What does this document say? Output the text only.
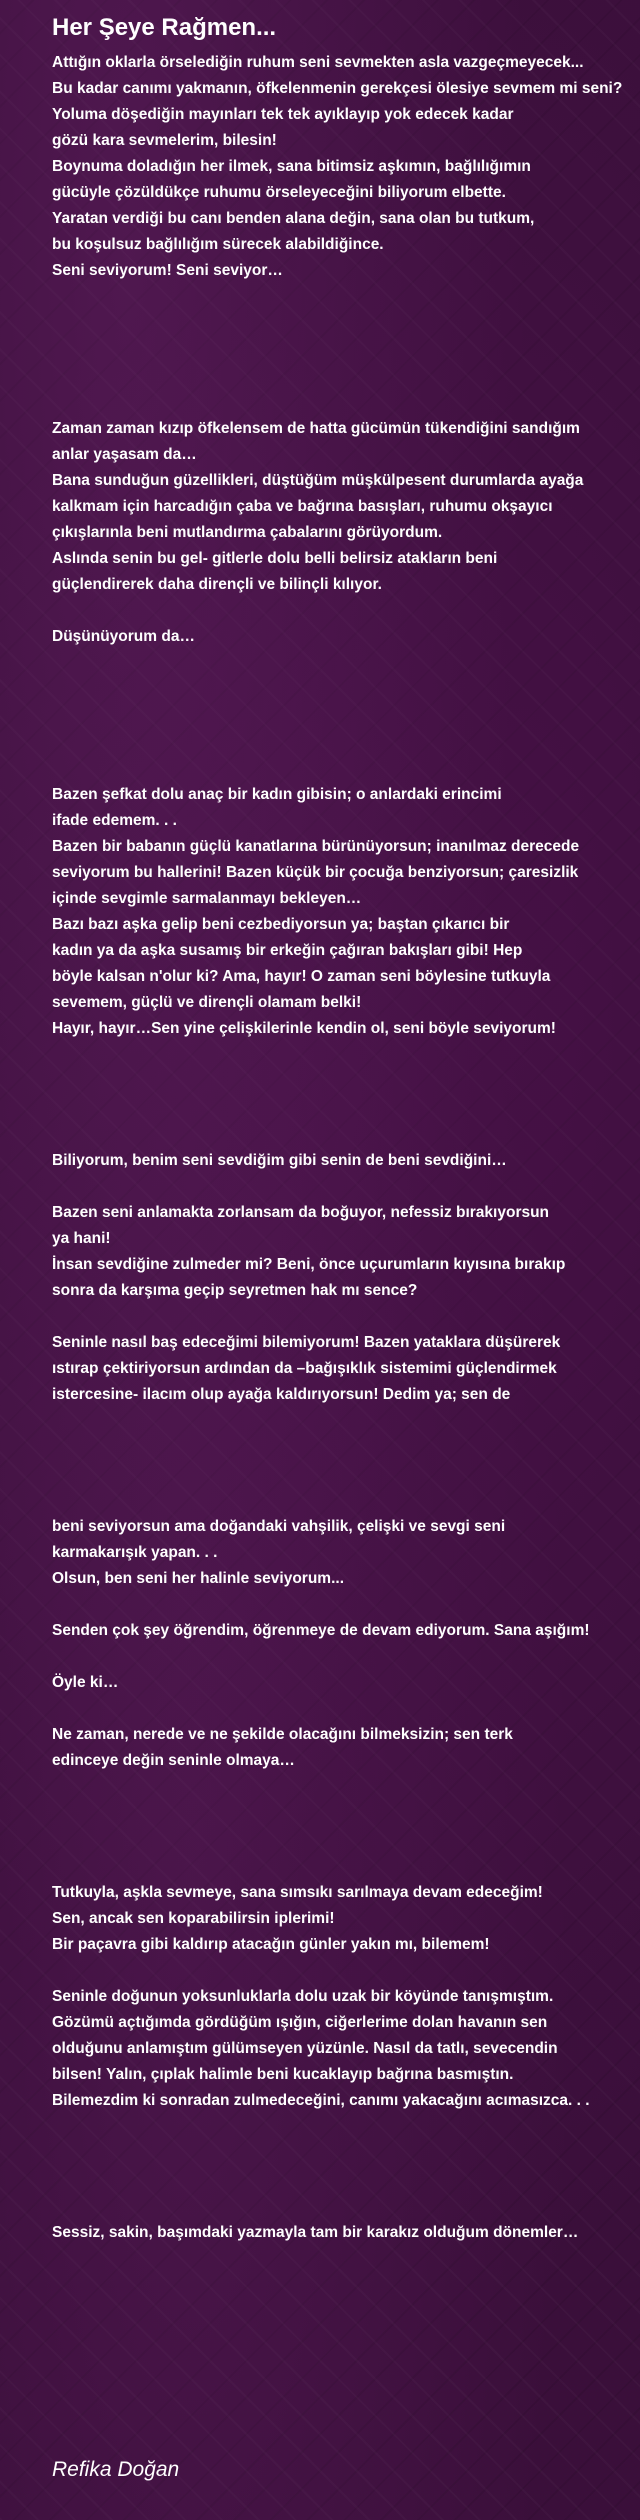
Her Şeye Rağmen...
Attığın oklarla örselediğin ruhum seni sevmekten asla vazgeçmeyecek...
Bu kadar canımı yakmanın, öfkelenmenin gerekçesi ölesiye sevmem mi seni?
Yoluma döşediğin mayınları tek tek ayıklayıp yok edecek kadar
gözü kara sevmelerim, bilesin!
Boynuma doladığın her ilmek, sana bitimsiz aşkımın, bağlılığımın
gücüyle çözüldükçe ruhumu örseleyeceğini biliyorum elbette.
Yaratan verdiği bu canı benden alana değin, sana olan bu tutkum,
bu koşulsuz bağlılığım sürecek alabildiğince.
Seni seviyorum! Seni seviyor…
Zaman zaman kızıp öfkelensem de hatta gücümün tükendiğini sandığım
anlar yaşasam da…
Bana sunduğun güzellikleri, düştüğüm müşkülpesent durumlarda ayağa
kalkmam için harcadığın çaba ve bağrına basışları, ruhumu okşayıcı
çıkışlarınla beni mutlandırma çabalarını görüyordum.
Aslında senin bu gel- gitlerle dolu belli belirsiz atakların beni
güçlendirerek daha dirençli ve bilinçli kılıyor.
Düşünüyorum da…
Bazen şefkat dolu anaç bir kadın gibisin; o anlardaki erincimi
ifade edemem. . .
Bazen bir babanın güçlü kanatlarına bürünüyorsun; inanılmaz derecede
seviyorum bu hallerini! Bazen küçük bir çocuğa benziyorsun; çaresizlik
içinde sevgimle sarmalanmayı bekleyen…
Bazı bazı aşka gelip beni cezbediyorsun ya; baştan çıkarıcı bir
kadın ya da aşka susamış bir erkeğin çağıran bakışları gibi! Hep
böyle kalsan n'olur ki? Ama, hayır! O zaman seni böylesine tutkuyla
sevemem, güçlü ve dirençli olamam belki!
Hayır, hayır…Sen yine çelişkilerinle kendin ol, seni böyle seviyorum!
Biliyorum, benim seni sevdiğim gibi senin de beni sevdiğini…
Bazen seni anlamakta zorlansam da boğuyor, nefessiz bırakıyorsun
ya hani!
İnsan sevdiğine zulmeder mi? Beni, önce uçurumların kıyısına bırakıp
sonra da karşıma geçip seyretmen hak mı sence?
Seninle nasıl baş edeceğimi bilemiyorum! Bazen yataklara düşürerek
ıstırap çektiriyorsun ardından da –bağışıklık sistemimi güçlendirmek
istercesine- ilacım olup ayağa kaldırıyorsun! Dedim ya; sen de
beni seviyorsun ama doğandaki vahşilik, çelişki ve sevgi seni
karmakarışık yapan. . .
Olsun, ben seni her halinle seviyorum...
Senden çok şey öğrendim, öğrenmeye de devam ediyorum. Sana aşığım!
Öyle ki…
Ne zaman, nerede ve ne şekilde olacağını bilmeksizin; sen terk
edinceye değin seninle olmaya…
Tutkuyla, aşkla sevmeye, sana sımsıkı sarılmaya devam edeceğim!
Sen, ancak sen koparabilirsin iplerimi!
Bir paçavra gibi kaldırıp atacağın günler yakın mı, bilemem!
Seninle doğunun yoksunluklarla dolu uzak bir köyünde tanışmıştım.
Gözümü açtığımda gördüğüm ışığın, ciğerlerime dolan havanın sen
olduğunu anlamıştım gülümseyen yüzünle. Nasıl da tatlı, sevecendin
bilsen! Yalın, çıplak halimle beni kucaklayıp bağrına basmıştın.
Bilemezdim ki sonradan zulmedeceğini, canımı yakacağını acımasızca. . .
Sessiz, sakin, başımdaki yazmayla tam bir karakız olduğum dönemler…
Refika Doğan
